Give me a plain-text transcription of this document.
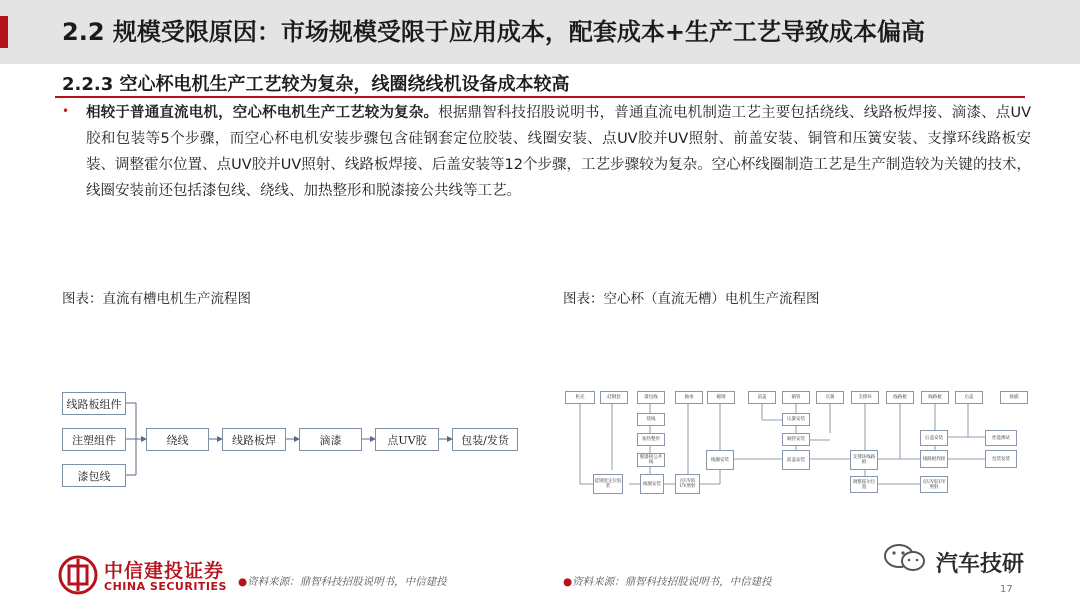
2.2 规模受限原因：市场规模受限于应用成本，配套成本+生产工艺导致成本偏高
2.2.3 空心杯电机生产工艺较为复杂，线圈绕线机设备成本较高
• 相较于普通直流电机，空心杯电机生产工艺较为复杂。根据鼎智科技招股说明书，普通直流电机制造工艺主要包括绕线、线路板焊接、滴漆、点UV胶和包装等5个步骤，而空心杯电机安装步骤包含硅钢套定位胶装、线圈安装、点UV胶并UV照射、前盖安装、铜管和压簧安装、支撑环线路板安装、调整霍尔位置、点UV胶并UV照射、线路板焊接、后盖安装等12个步骤，工艺步骤较为复杂。空心杯线圈制造工艺是生产制造较为关键的技术，线圈安装前还包括漆包线、绕线、加热整形和脱漆接公共线等工艺。
图表：直流有槽电机生产流程图	图表：空心杯（直流无槽）电机生产流程图
线路板组件
注塑组件
漆包线
绕线	线路板焊	滴漆	点UV胶	包装/发货
机壳	硅钢套	漆包线	轴承	磁钢	前盖	铜管	压簧	支撑环	线路板	线路板	后盖	接插
绕线
加热整形
脱漆接公共线
压簧安装
铜管安装
前盖安装	支撑环线路板
后盖安装
线圈安装
点UV胶UV照射
调整霍尔位置
点UV胶UV照射
硅钢套定位胶装
线路板焊接	包装发货
性能测试
线圈安装
中信建投证券
CHINA SECURITIES ●资料来源：鼎智科技招股说明书，中信建投	●资料来源：鼎智科技招股说明书，中信建投
汽车技研
17
